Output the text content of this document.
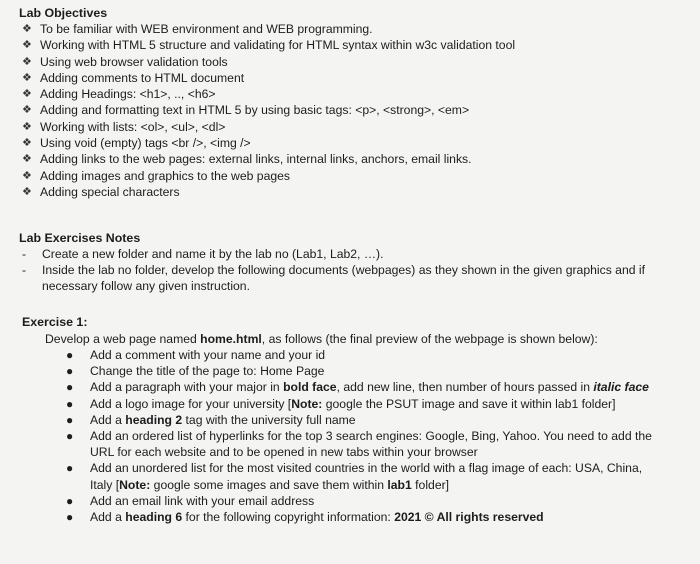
Lab Objectives
❖ To be familiar with WEB environment and WEB programming.
❖ Working with HTML 5 structure and validating for HTML syntax within w3c validation tool
❖ Using web browser validation tools
❖ Adding comments to HTML document
❖ Adding Headings: <h1>, .., <h6>
❖ Adding and formatting text in HTML 5 by using basic tags: <p>, <strong>, <em>
❖ Working with lists: <ol>, <ul>, <dl>
❖ Using void (empty) tags <br />, <img />
❖ Adding links to the web pages: external links, internal links, anchors, email links.
❖ Adding images and graphics to the web pages
❖ Adding special characters
Lab Exercises Notes
-	Create a new folder and name it by the lab no (Lab1, Lab2, …).
-	Inside the lab no folder, develop the following documents (webpages) as they shown in the given graphics and if necessary follow any given instruction.
Exercise 1:
Develop a web page named home.html, as follows (the final preview of the webpage is shown below):
●	Add a comment with your name and your id
●	Change the title of the page to: Home Page
●	Add a paragraph with your major in bold face, add new line, then number of hours passed in italic face
●	Add a logo image for your university [Note: google the PSUT image and save it within lab1 folder]
●	Add a heading 2 tag with the university full name
●	Add an ordered list of hyperlinks for the top 3 search engines: Google, Bing, Yahoo. You need to add the URL for each website and to be opened in new tabs within your browser
●	Add an unordered list for the most visited countries in the world with a flag image of each: USA, China, Italy [Note: google some images and save them within lab1 folder]
●	Add an email link with your email address
●	Add a heading 6 for the following copyright information: 2021 © All rights reserved
